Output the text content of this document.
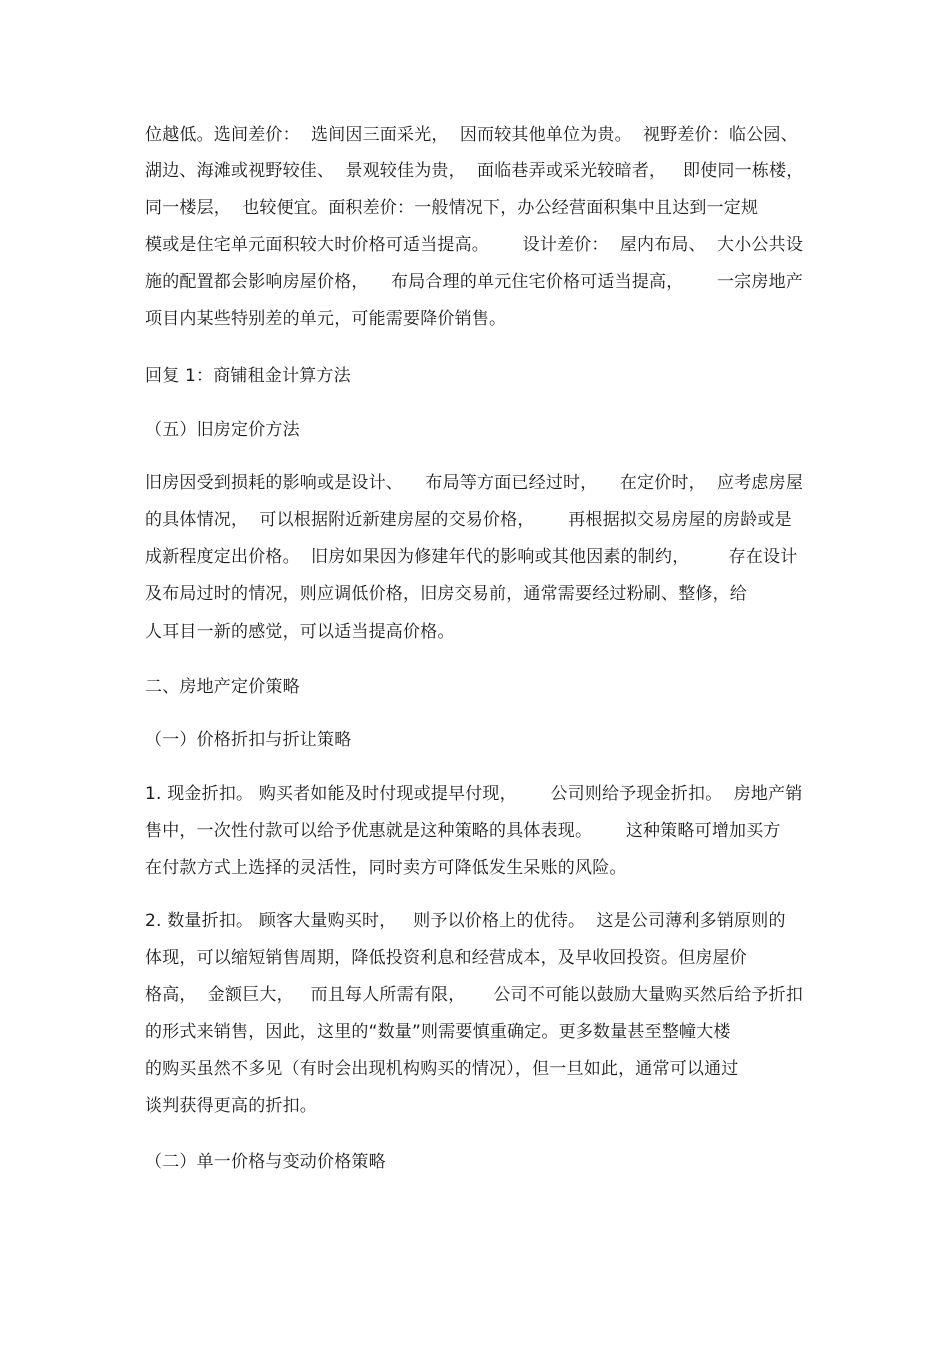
位越低。选间差价：  选间因三面采光，  因而较其他单位为贵。  视野差价：临公园、

湖边、海滩或视野较佳、  景观较佳为贵，  面临巷弄或采光较暗者，   即使同一栋楼，

同一楼层，  也较便宜。面积差价：一般情况下，办公经营面积集中且达到一定规

模或是住宅单元面积较大时价格可适当提高。      设计差价：  屋内布局、  大小公共设

施的配置都会影响房屋价格，    布局合理的单元住宅价格可适当提高，      一宗房地产

项目内某些特别差的单元，可能需要降价销售。

回复 1：商铺租金计算方法

（五）旧房定价方法

旧房因受到损耗的影响或是设计、    布局等方面已经过时，    在定价时，  应考虑房屋

的具体情况，  可以根据附近新建房屋的交易价格，      再根据拟交易房屋的房龄或是

成新程度定出价格。  旧房如果因为修建年代的影响或其他因素的制约，       存在设计

及布局过时的情况，则应调低价格，旧房交易前，通常需要经过粉刷、整修，给

人耳目一新的感觉，可以适当提高价格。

二、房地产定价策略

（一）价格折扣与折让策略

1. 现金折扣。 购买者如能及时付现或提早付现，      公司则给予现金折扣。  房地产销

售中，一次性付款可以给予优惠就是这种策略的具体表现。      这种策略可增加买方

在付款方式上选择的灵活性，同时卖方可降低发生呆账的风险。

2. 数量折扣。 顾客大量购买时，   则予以价格上的优待。  这是公司薄利多销原则的

体现，可以缩短销售周期，降低投资利息和经营成本，及早收回投资。但房屋价

格高，  金额巨大，   而且每人所需有限，     公司不可能以鼓励大量购买然后给予折扣

的形式来销售，因此，这里的“数量”则需要慎重确定。更多数量甚至整幢大楼

的购买虽然不多见（有时会出现机构购买的情况），但一旦如此，通常可以通过

谈判获得更高的折扣。

（二）单一价格与变动价格策略
